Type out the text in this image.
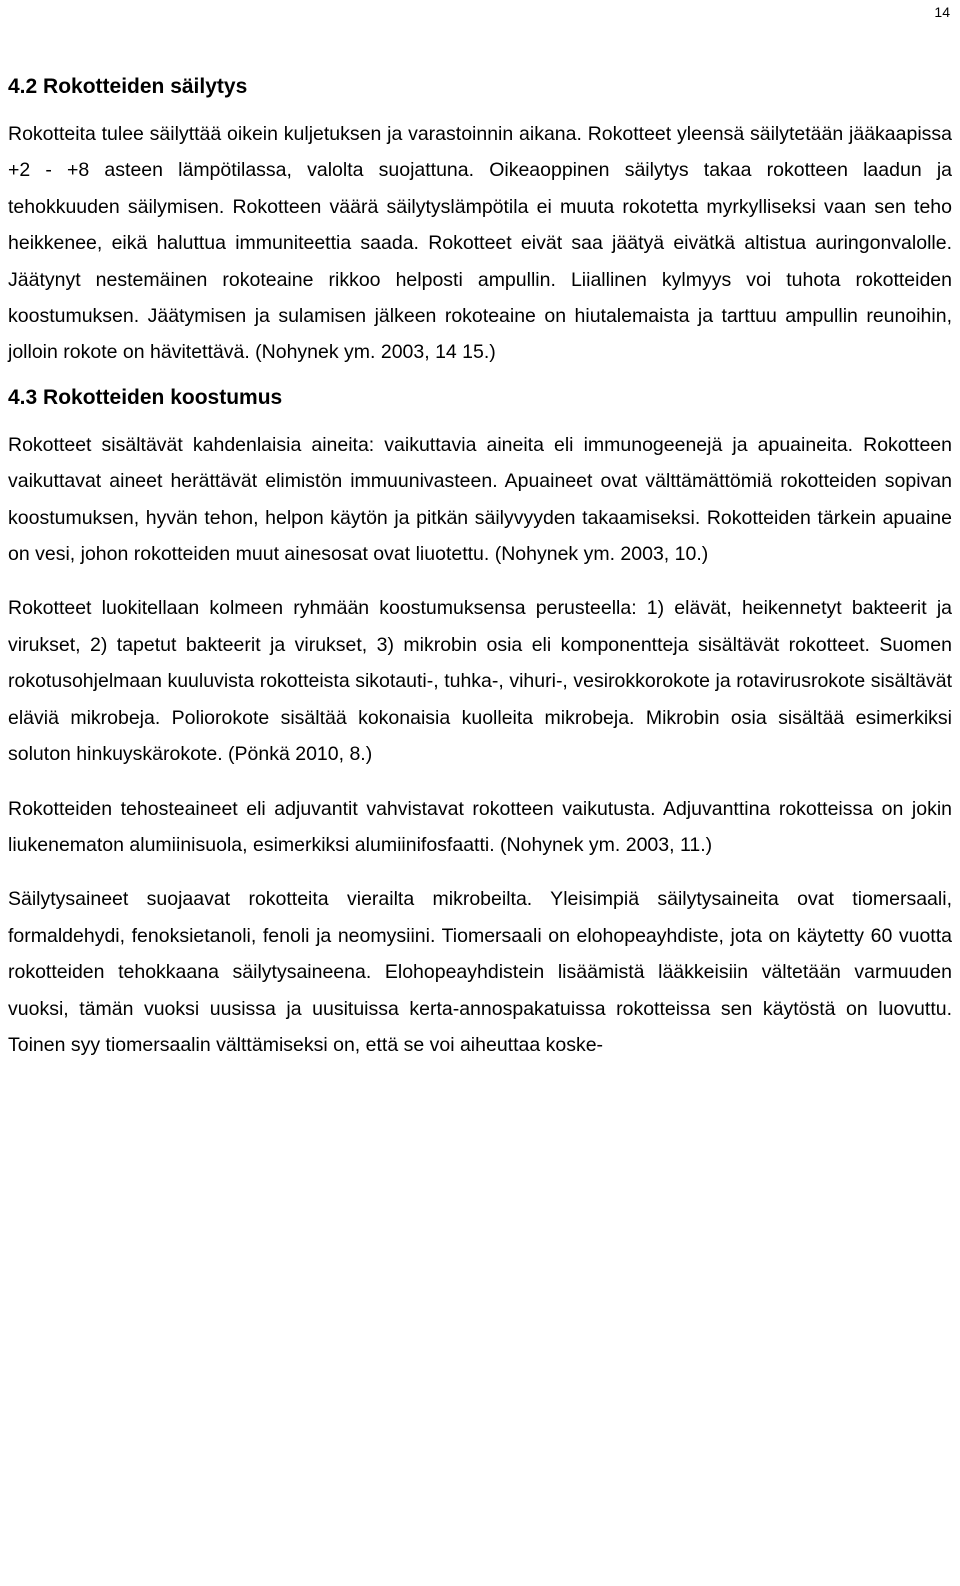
14
4.2 Rokotteiden säilytys

Rokotteita tulee säilyttää oikein kuljetuksen ja varastoinnin aikana. Rokotteet yleensä säilytetään jääkaapissa +2 - +8 asteen lämpötilassa, valolta suojattuna. Oikeaoppinen säilytys takaa rokotteen laadun ja tehokkuuden säilymisen. Rokotteen väärä säilytyslämpötila ei muuta rokotetta myrkylliseksi vaan sen teho heikkenee, eikä haluttua immuniteettia saada. Rokotteet eivät saa jäätyä eivätkä altistua auringonvalolle. Jäätynyt nestemäinen rokoteaine rikkoo helposti ampullin. Liiallinen kylmyys voi tuhota rokotteiden koostumuksen. Jäätymisen ja sulamisen jälkeen rokoteaine on hiutalemaista ja tarttuu ampullin reunoihin, jolloin rokote on hävitettävä. (Nohynek ym. 2003, 14 15.)

4.3 Rokotteiden koostumus

Rokotteet sisältävät kahdenlaisia aineita: vaikuttavia aineita eli immunogeenejä ja apuaineita. Rokotteen vaikuttavat aineet herättävät elimistön immuunivasteen. Apuaineet ovat välttämättömiä rokotteiden sopivan koostumuksen, hyvän tehon, helpon käytön ja pitkän säilyvyyden takaamiseksi. Rokotteiden tärkein apuaine on vesi, johon rokotteiden muut ainesosat ovat liuotettu. (Nohynek ym. 2003, 10.)

Rokotteet luokitellaan kolmeen ryhmään koostumuksensa perusteella: 1) elävät, heikennetyt bakteerit ja virukset, 2) tapetut bakteerit ja virukset, 3) mikrobin osia eli komponentteja sisältävät rokotteet. Suomen rokotusohjelmaan kuuluvista rokotteista sikotauti-, tuhka-, vihuri-, vesirokkorokote ja rotavirusrokote sisältävät eläviä mikrobeja. Poliorokote sisältää kokonaisia kuolleita mikrobeja. Mikrobin osia sisältää esimerkiksi soluton hinkuyskärokote. (Pönkä 2010, 8.)

Rokotteiden tehosteaineet eli adjuvantit vahvistavat rokotteen vaikutusta. Adjuvanttina rokotteissa on jokin liukenematon alumiinisuola, esimerkiksi alumiinifosfaatti. (Nohynek ym. 2003, 11.)

Säilytysaineet suojaavat rokotteita vierailta mikrobeilta. Yleisimpiä säilytysaineita ovat tiomersaali, formaldehydi, fenoksietanoli, fenoli ja neomysiini. Tiomersaali on elohopeayhdiste, jota on käytetty 60 vuotta rokotteiden tehokkaana säilytysaineena. Elohopeayhdistein lisäämistä lääkkeisiin vältetään varmuuden vuoksi, tämän vuoksi uusissa ja uusituissa kerta-annospakatuissa rokotteissa sen käytöstä on luovuttu. Toinen syy tiomersaalin välttämiseksi on, että se voi aiheuttaa koske-
